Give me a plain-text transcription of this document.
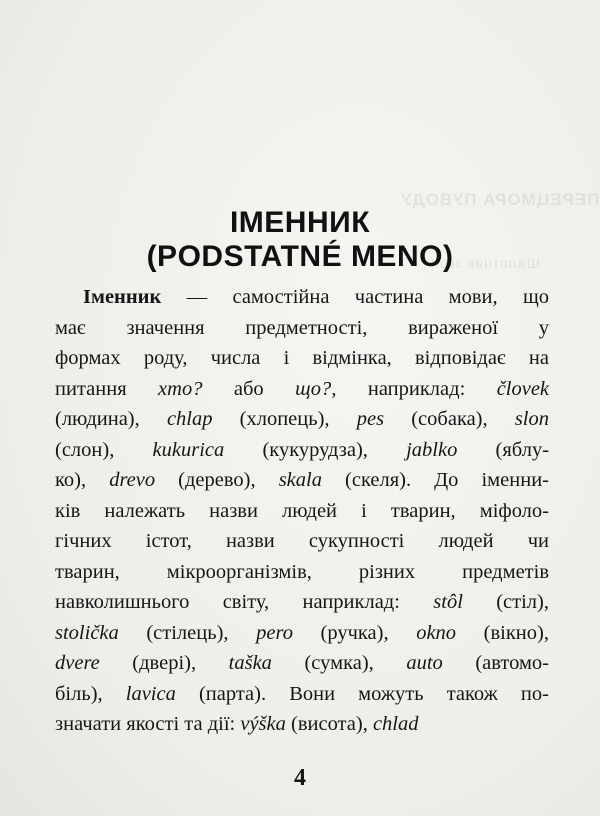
ПЕРЕЦМОРА ПУВОДУ
Шалотник зкон
ІМЕННИК
(PODSTATNÉ MENO)
Іменник — самостійна частина мови, що
має значення предметності, вираженої у
формах роду, числа і відмінка, відповідає на
питання хто? або що?, наприклад: človek
(людина), chlap (хлопець), pes (собака), slon
(слон), kukurica (кукурудза), jablko (яблу-
ко), drevo (дерево), skala (скеля). До іменни-
ків належать назви людей і тварин, міфоло-
гічних істот, назви сукупності людей чи
тварин, мікроорганізмів, різних предметів
навколишнього світу, наприклад: stôl (стіл),
stolička (стілець), pero (ручка), okno (вікно),
dvere (двері), taška (сумка), auto (автомо-
біль), lavica (парта). Вони можуть також по-
значати якості та дії: výška (висота), chlad
4
